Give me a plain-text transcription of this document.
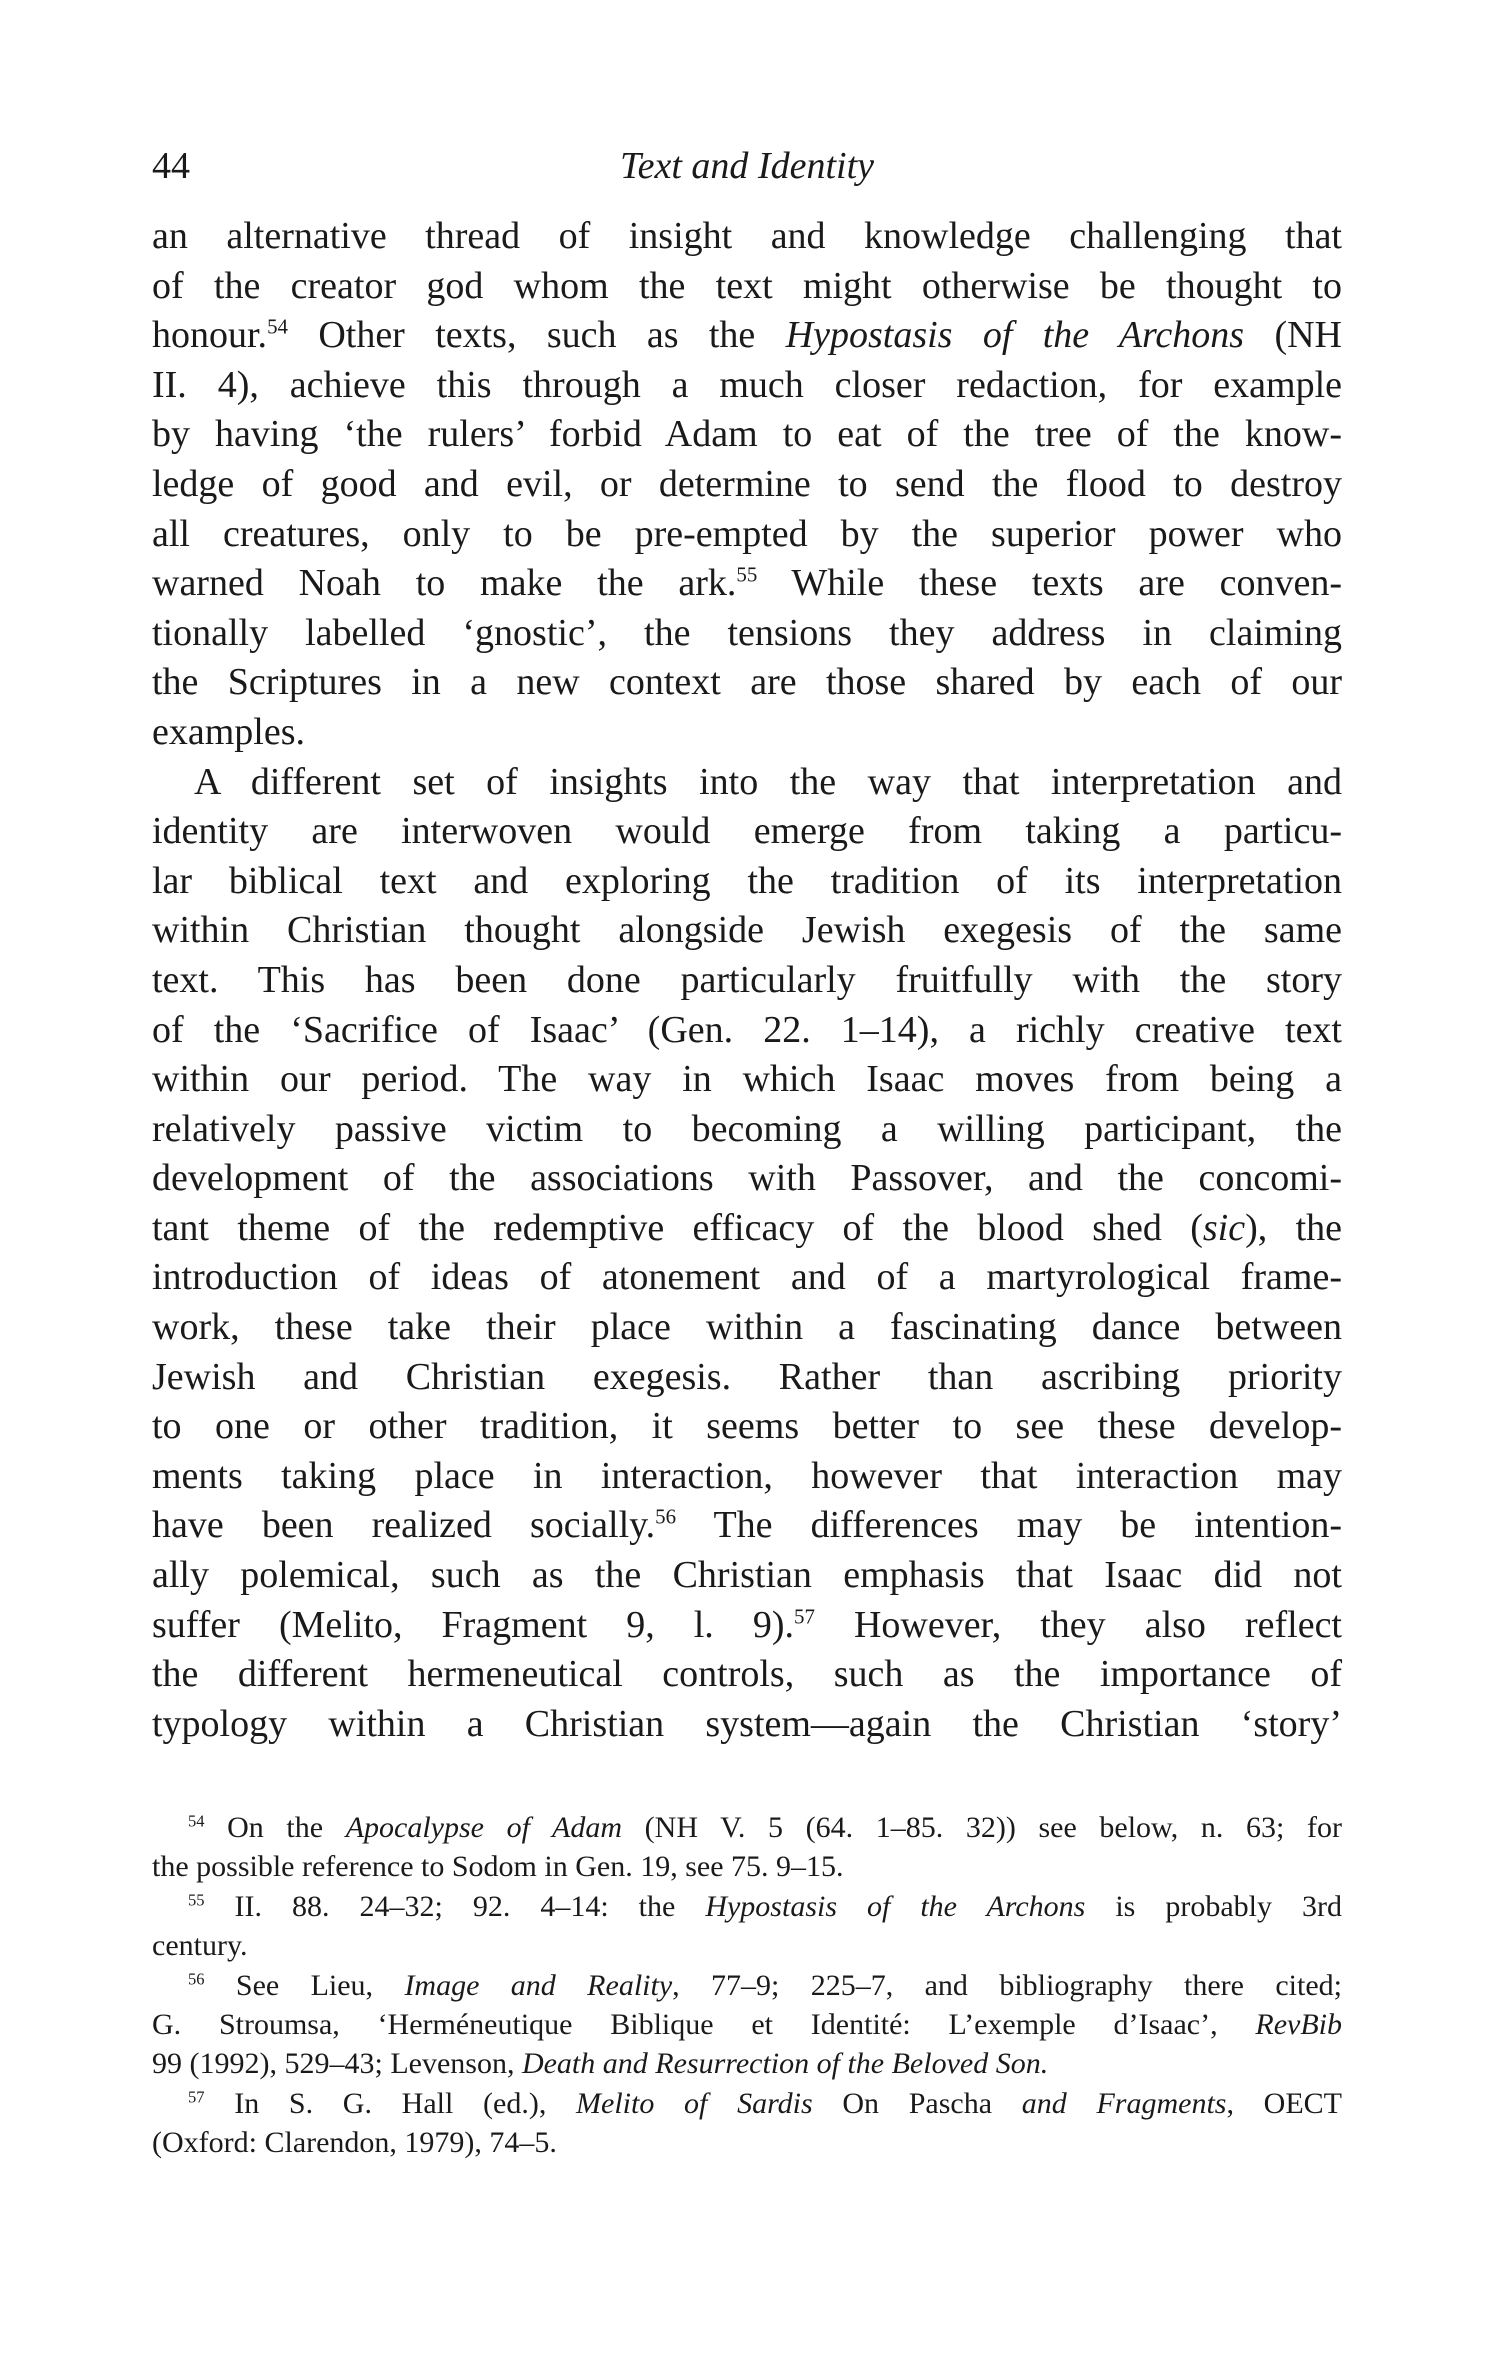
44	Text and Identity
an alternative thread of insight and knowledge challenging that
of the creator god whom the text might otherwise be thought to
honour.$^{54}$ Other texts, such as the Hypostasis of the Archons (NH
II. 4), achieve this through a much closer redaction, for example
by having ‘the rulers’ forbid Adam to eat of the tree of the know-
ledge of good and evil, or determine to send the flood to destroy
all creatures, only to be pre-empted by the superior power who
warned Noah to make the ark.$^{55}$ While these texts are conven-
tionally labelled ‘gnostic’, the tensions they address in claiming
the Scriptures in a new context are those shared by each of our
examples.
A different set of insights into the way that interpretation and
identity are interwoven would emerge from taking a particu-
lar biblical text and exploring the tradition of its interpretation
within Christian thought alongside Jewish exegesis of the same
text. This has been done particularly fruitfully with the story
of the ‘Sacrifice of Isaac’ (Gen. 22. 1–14), a richly creative text
within our period. The way in which Isaac moves from being a
relatively passive victim to becoming a willing participant, the
development of the associations with Passover, and the concomi-
tant theme of the redemptive efficacy of the blood shed (sic), the
introduction of ideas of atonement and of a martyrological frame-
work, these take their place within a fascinating dance between
Jewish and Christian exegesis. Rather than ascribing priority
to one or other tradition, it seems better to see these develop-
ments taking place in interaction, however that interaction may
have been realized socially.$^{56}$ The differences may be intention-
ally polemical, such as the Christian emphasis that Isaac did not
suffer (Melito, Fragment 9, l. 9).$^{57}$ However, they also reflect
the different hermeneutical controls, such as the importance of
typology within a Christian system—again the Christian ‘story’
$^{54}$ On the Apocalypse of Adam (NH V. 5 (64. 1–85. 32)) see below, n. 63; for
the possible reference to Sodom in Gen. 19, see 75. 9–15.
$^{55}$ II. 88. 24–32; 92. 4–14: the Hypostasis of the Archons is probably 3rd
century.
$^{56}$ See Lieu, Image and Reality, 77–9; 225–7, and bibliography there cited;
G. Stroumsa, ‘Herméneutique Biblique et Identité: L’exemple d’Isaac’, RevBib
99 (1992), 529–43; Levenson, Death and Resurrection of the Beloved Son.
$^{57}$ In S. G. Hall (ed.), Melito of Sardis On Pascha and Fragments, OECT
(Oxford: Clarendon, 1979), 74–5.
